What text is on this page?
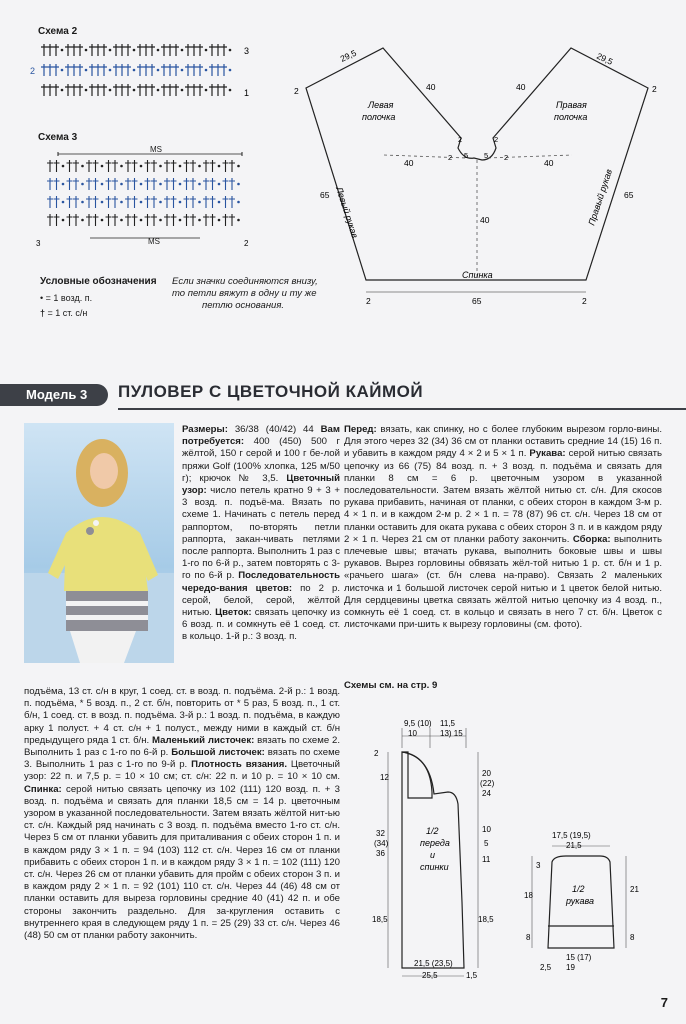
Схема 2
3
2
1
Схема 3
MS
MS
3	2
Условные обозначения
• = 1 возд. п.
† = 1 ст. с/н
Если значки соединяются внизу,
то петли вяжут в одну и ту же
петлю основания.
29,5	29,5
40	40
2	2
Левая
полочка
Правая
полочка
2	2
2	2
5 5
40	40
40
Левый рукав	Правый рукав
65	65
Спинка
65
2	2
Модель 3	ПУЛОВЕР С ЦВЕТОЧНОЙ КАЙМОЙ
Размеры: 36/38 (40/42) 44 Вам потребуется: 400 (450) 500 г жёлтой, 150 г серой и 100 г бе-лой пряжи Golf (100% хлопка, 125 м/50 г); крючок № 3,5. Цветочный узор: число петель кратно 9 + 3 + 3 возд. п. подъё-ма. Вязать по схеме 1. Начинать с петель перед раппортом, по-вторять петли раппорта, закан-чивать петлями после раппорта. Выполнить 1 раз с 1-го по 6-й р., затем повторять с 3-го по 6-й р. Последовательность чередо-вания цветов: по 2 р. серой, белой, серой, жёлтой нитью. Цветок: связать цепочку из 6 возд. п. и сомкнуть её 1 соед. ст. в кольцо. 1-й р.: 3 возд. п.
подъёма, 13 ст. с/н в круг, 1 соед. ст. в возд. п. подъёма. 2-й р.: 1 возд. п. подъёма, * 5 возд. п., 2 ст. б/н, повторить от * 5 раз, 5 возд. п., 1 ст. б/н, 1 соед. ст. в возд. п. подъёма. 3-й р.: 1 возд. п. подъёма, в каждую арку 1 полуст. + 4 ст. с/н + 1 полуст., между ними в каждый ст. б/н предыдущего ряда 1 ст. б/н. Маленький листочек: вязать по схеме 2. Выполнить 1 раз с 1-го по 6-й р. Большой листочек: вязать по схеме 3. Выполнить 1 раз с 1-го по 9-й р. Плотность вязания. Цветочный узор: 22 п. и 7,5 р. = 10 × 10 см; ст. с/н: 22 п. и 10 р. = 10 × 10 см. Спинка: серой нитью связать цепочку из 102 (111) 120 возд. п. + 3 возд. п. подъёма и связать для планки 18,5 см = 14 р. цветочным узором в указанной последовательности. Затем вязать жёлтой нит-ью ст. с/н. Каждый ряд начинать с 3 возд. п. подъёма вместо 1-го ст. с/н. Через 5 см от планки убавить для приталивания с обеих сторон 1 п. и в каждом ряду 3 × 1 п. = 94 (103) 112 ст. с/н. Через 16 см от планки прибавить с обеих сторон 1 п. и в каждом ряду 3 × 1 п. = 102 (111) 120 ст. с/н. Через 26 см от планки убавить для пройм с обеих сторон 3 п. и в каждом ряду 2 × 1 п. = 92 (101) 110 ст. с/н. Через 44 (46) 48 см от планки оставить для выреза горловины средние 40 (41) 42 п. и обе стороны закончить раздельно. Для за-кругления оставить с внутреннего края в следующем ряду 1 п. = 25 (29) 33 ст. с/н. Через 46 (48) 50 см от планки работу закончить.
Перед: вязать, как спинку, но с более глубоким вырезом горло-вины. Для этого через 32 (34) 36 см от планки оставить средние 14 (15) 16 п. и убавить в каждом ряду 4 × 2 и 5 × 1 п. Рукава: серой нитью связать цепочку из 66 (75) 84 возд. п. + 3 возд. п. подъёма и связать для планки 8 см = 6 р. цветочным узором в указанной последовательности. Затем вязать жёлтой нитью ст. с/н. Для скосов рукава прибавить, начиная от планки, с обеих сторон в каждом 3-м р. 4 × 1 п. и в каждом 2-м р. 2 × 1 п. = 78 (87) 96 ст. с/н. Через 18 см от планки оставить для оката рукава с обеих сторон 3 п. и в каждом ряду 2 × 1 п. Через 21 см от планки работу закончить. Сборка: выполнить плечевые швы; втачать рукава, выполнить боковые швы и швы рукавов. Вырез горловины обвязать жёл-той нитью 1 р. ст. б/н и 1 р. «рачьего шага» (ст. б/н слева на-право). Связать 2 маленьких листочка и 1 большой листочек серой нитью и 1 цветок белой нитью. Для сердцевины цветка связать жёлтой нитью цепочку из 4 возд. п., сомкнуть её 1 соед. ст. в кольцо и связать в него 7 ст. б/н. Цветок с листочками при-шить к вырезу горловины (см. фото).
Схемы см. на стр. 9
9,5 (10)
10
11,5
13) 15
2
12	20
(22)
24
32
(34)
36
10
5
11
18,5	18,5
1/2
переда
и
спинки
21,5 (23,5)
25,5	1,5
17,5 (19,5)
21,5
3
18
21
8	8
1/2
рукава
15 (17)
19
2,5
7
